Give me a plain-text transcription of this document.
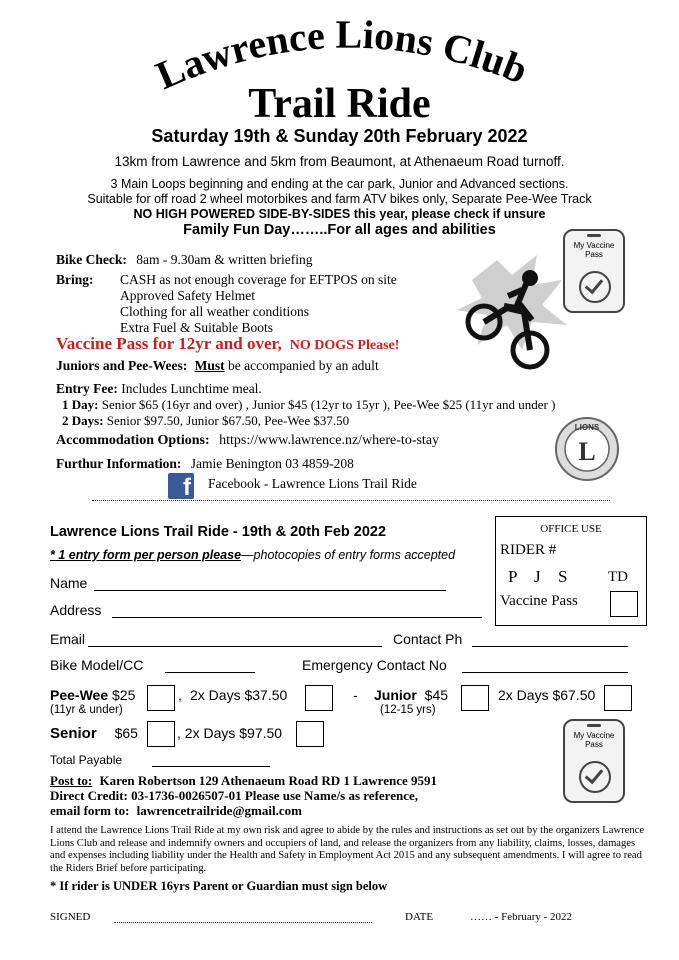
Lawrence Lions Club
Trail Ride
Saturday 19th & Sunday 20th February 2022
13km from Lawrence and 5km from Beaumont, at Athenaeum Road turnoff.
3 Main Loops beginning and ending at the car park, Junior and Advanced sections.
Suitable for off road 2 wheel motorbikes and farm ATV bikes only, Separate Pee-Wee Track
NO HIGH POWERED SIDE-BY-SIDES this year, please check if unsure
Family Fun Day……..For all ages and abilities
My Vaccine Pass
Bike Check: 8am - 9.30am & written briefing
Bring: CASH as not enough coverage for EFTPOS on site
Approved Safety Helmet
Clothing for all weather conditions
Extra Fuel & Suitable Boots
Vaccine Pass for 12yr and over, NO DOGS Please!
Juniors and Pee-Wees: Must be accompanied by an adult
Entry Fee: Includes Lunchtime meal.
1 Day: Senior $65 (16yr and over) , Junior $45 (12yr to 15yr ), Pee-Wee $25 (11yr and under )
2 Days: Senior $97.50, Junior $67.50, Pee-Wee $37.50
Accommodation Options: https://www.lawrence.nz/where-to-stay
Furthur Information: Jamie Benington 03 4859-208
f Facebook - Lawrence Lions Trail Ride
LIONS
L
Lawrence Lions Trail Ride - 19th & 20th Feb 2022
* 1 entry form per person please—photocopies of entry forms accepted
OFFICE USE
RIDER #
P J S	TD
Vaccine Pass
Name
Address
Email	Contact Ph
Bike Model/CC	Emergency Contact No
Pee-Wee $25	, 2x Days $37.50
(11yr & under)
- Junior $45	2x Days $67.50
(12-15 yrs)
Senior $65	, 2x Days $97.50
Total Payable
My Vaccine Pass
Post to: Karen Robertson 129 Athenaeum Road RD 1 Lawrence 9591
Direct Credit: 03-1736-0026507-01 Please use Name/s as reference,
email form to: lawrencetrailride@gmail.com
I attend the Lawrence Lions Trail Ride at my own risk and agree to abide by the rules and instructions as set out by the organizers Lawrence Lions Club and release and indemnify owners and occupiers of land, and release the organizers from any liability, claims, losses, damages and expenses including liability under the Health and Safety in Employment Act 2015 and any subsequent amendments. I will agree to read the Riders Brief before participating.
* If rider is UNDER 16yrs Parent or Guardian must sign below
SIGNED	DATE	…… - February - 2022
